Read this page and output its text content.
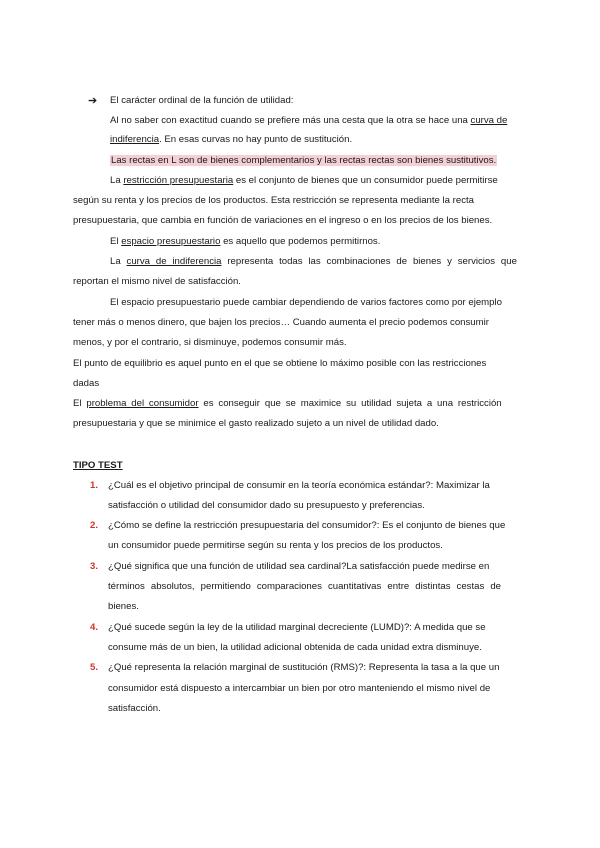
➔ El carácter ordinal de la función de utilidad:
Al no saber con exactitud cuando se prefiere más una cesta que la otra se hace una curva de
indiferencia. En esas curvas no hay punto de sustitución.
Las rectas en L son de bienes complementarios y las rectas rectas son bienes sustitutivos.
La restricción presupuestaria es el conjunto de bienes que un consumidor puede permitirse
según su renta y los precios de los productos. Esta restricción se representa mediante la recta
presupuestaria, que cambia en función de variaciones en el ingreso o en los precios de los bienes.
El espacio presupuestario es aquello que podemos permitirnos.
La curva de indiferencia representa todas las combinaciones de bienes y servicios que
reportan el mismo nivel de satisfacción.
El espacio presupuestario puede cambiar dependiendo de varios factores como por ejemplo
tener más o menos dinero, que bajen los precios… Cuando aumenta el precio podemos consumir
menos, y por el contrario, si disminuye, podemos consumir más.
El punto de equilibrio es aquel punto en el que se obtiene lo máximo posible con las restricciones
dadas
El problema del consumidor es conseguir que se maximice su utilidad sujeta a una restricción
presupuestaria y que se minimice el gasto realizado sujeto a un nivel de utilidad dado.
TIPO TEST
1. ¿Cuál es el objetivo principal de consumir en la teoría económica estándar?: Maximizar la
satisfacción o utilidad del consumidor dado su presupuesto y preferencias.
2. ¿Cómo se define la restricción presupuestaria del consumidor?: Es el conjunto de bienes que
un consumidor puede permitirse según su renta y los precios de los productos.
3. ¿Qué significa que una función de utilidad sea cardinal?La satisfacción puede medirse en
términos absolutos, permitiendo comparaciones cuantitativas entre distintas cestas de
bienes.
4. ¿Qué sucede según la ley de la utilidad marginal decreciente (LUMD)?: A medida que se
consume más de un bien, la utilidad adicional obtenida de cada unidad extra disminuye.
5. ¿Qué representa la relación marginal de sustitución (RMS)?: Representa la tasa a la que un
consumidor está dispuesto a intercambiar un bien por otro manteniendo el mismo nivel de
satisfacción.
